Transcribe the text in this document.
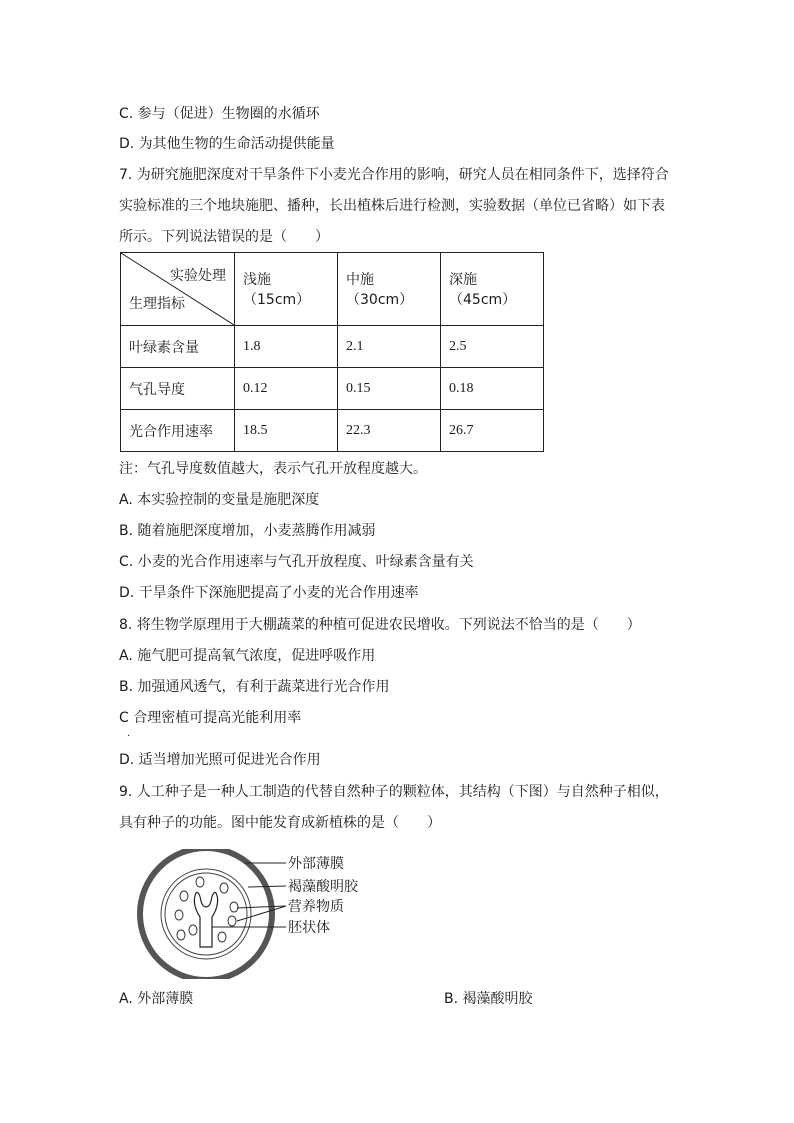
C. 参与（促进）生物圈的水循环
D. 为其他生物的生命活动提供能量
7. 为研究施肥深度对干旱条件下小麦光合作用的影响，研究人员在相同条件下，选择符合
实验标准的三个地块施肥、播种，长出植株后进行检测，实验数据（单位已省略）如下表
所示。下列说法错误的是（　　）
实验处理
生理指标	浅施（15cm）	中施（30cm）	深施（45cm）
叶绿素含量	1.8	2.1	2.5
气孔导度	0.12	0.15	0.18
光合作用速率	18.5	22.3	26.7
注：气孔导度数值越大，表示气孔开放程度越大。
A. 本实验控制的变量是施肥深度
B. 随着施肥深度增加，小麦蒸腾作用减弱
C. 小麦的光合作用速率与气孔开放程度、叶绿素含量有关
D. 干旱条件下深施肥提高了小麦的光合作用速率
8. 将生物学原理用于大棚蔬菜的种植可促进农民增收。下列说法不恰当的是（　　）
A. 施气肥可提高氧气浓度，促进呼吸作用
B. 加强通风透气，有利于蔬菜进行光合作用
C 合理密植可提高光能利用率
·
D. 适当增加光照可促进光合作用
9. 人工种子是一种人工制造的代替自然种子的颗粒体，其结构（下图）与自然种子相似，
具有种子的功能。图中能发育成新植株的是（　　）
外部薄膜
褐藻酸明胶
营养物质
胚状体
A. 外部薄膜	B. 褐藻酸明胶
